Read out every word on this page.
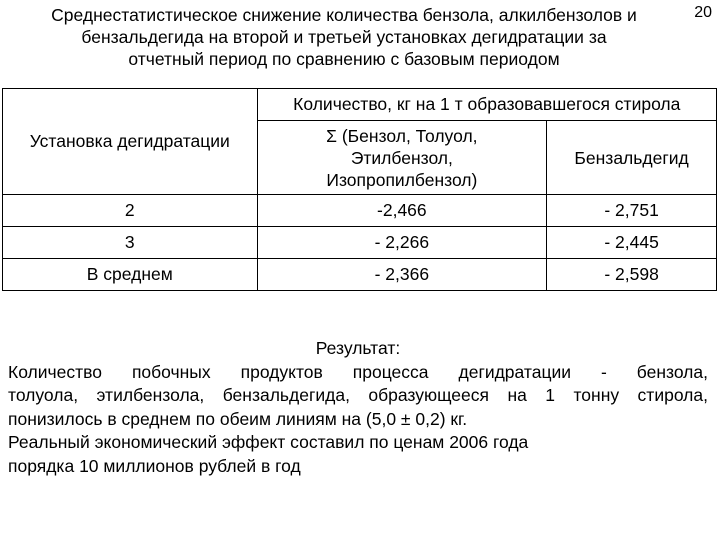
Среднестатистическое снижение количества бензола, алкилбензолов и
бензальдегида на второй и третьей установках дегидратации за
отчетный период по сравнению с базовым периодом
20
Установка дегидратации	Количество, кг на 1 т образовавшегося стирола	

	Σ (Бензол, Толуол,
Этилбензол,
Изопропилбензол)	Бензальдегид
2	-2,466	- 2,751
3	- 2,266	- 2,445
В среднем	- 2,366	- 2,598
Результат:
Количество побочных продуктов процесса дегидратации - бензола,
толуола, этилбензола, бензальдегида, образующееся на 1 тонну стирола,
понизилось в среднем по обеим линиям на (5,0 ± 0,2) кг.
Реальный экономический эффект составил по ценам 2006 года
порядка 10 миллионов рублей в год
